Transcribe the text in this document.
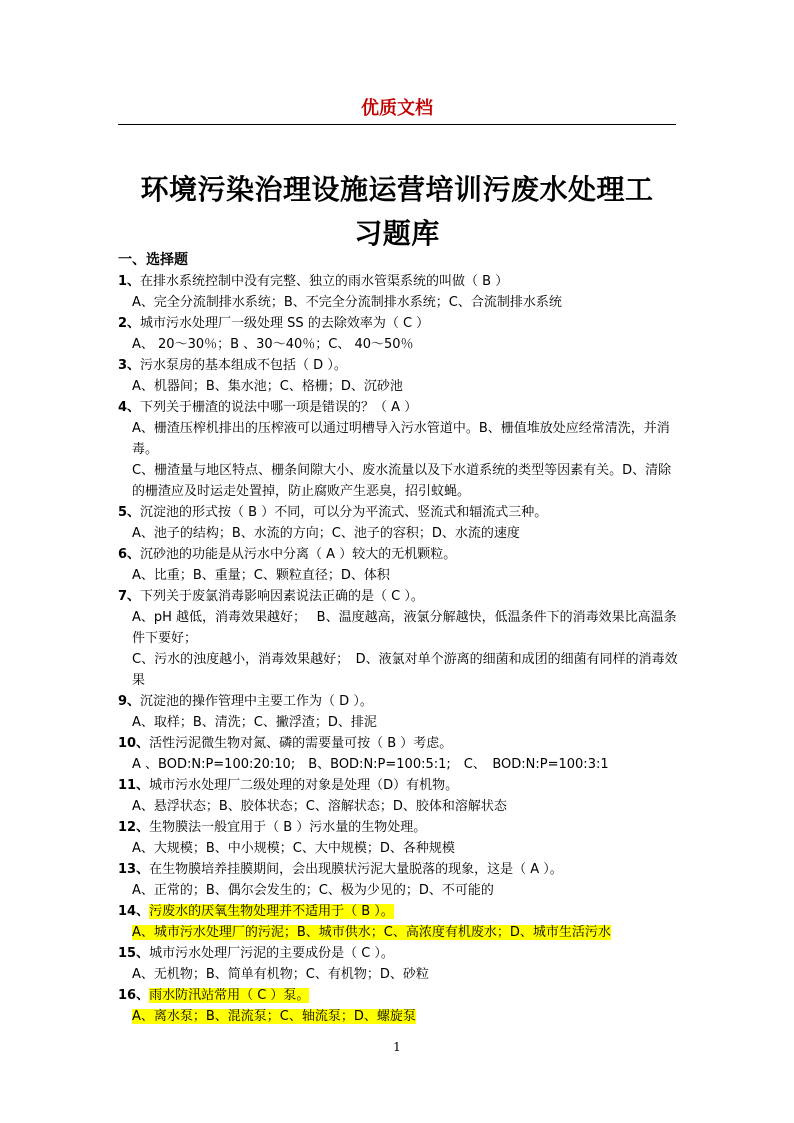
优质文档
环境污染治理设施运营培训污废水处理工
习题库
一、选择题
1、在排水系统控制中没有完整、独立的雨水管渠系统的叫做（ B ）
A、完全分流制排水系统；B、不完全分流制排水系统；C、合流制排水系统
2、城市污水处理厂一级处理 SS 的去除效率为（ C ）
A、 20～30％；B 、30～40％；C、 40～50％
3、污水泵房的基本组成不包括（ D ）。
A、机器间；B、集水池；C、格栅；D、沉砂池
4、下列关于栅渣的说法中哪一项是错误的？（ A ）
A、栅渣压榨机排出的压榨液可以通过明槽导入污水管道中。B、栅值堆放处应经常清洗，并消毒。
C、栅渣量与地区特点、栅条间隙大小、废水流量以及下水道系统的类型等因素有关。D、清除的栅渣应及时运走处置掉，防止腐败产生恶臭，招引蚊蝇。
5、沉淀池的形式按（ B ）不同，可以分为平流式、竖流式和辐流式三种。
A、池子的结构；B、水流的方向；C、池子的容积；D、水流的速度
6、沉砂池的功能是从污水中分离（ A ）较大的无机颗粒。
A、比重；B、重量；C、颗粒直径；D、体积
7、下列关于废氯消毒影响因素说法正确的是（ C ）。
A、pH 越低，消毒效果越好；　 B、温度越高，液氯分解越快，低温条件下的消毒效果比高温条件下要好；
C、污水的浊度越小，消毒效果越好；　D、液氯对单个游离的细菌和成团的细菌有同样的消毒效果
9、沉淀池的操作管理中主要工作为（ D ）。
A、取样；B、清洗；C、撇浮渣；D、排泥
10、活性污泥微生物对氮、磷的需要量可按（ B ）考虑。
A 、BOD:N:P=100:20:10;　B、BOD:N:P=100:5:1;　C、　BOD:N:P=100:3:1
11、城市污水处理厂二级处理的对象是处理（D）有机物。
A、悬浮状态；B、胶体状态；C、溶解状态；D、胶体和溶解状态
12、生物膜法一般宜用于（ B ）污水量的生物处理。
A、大规模；B、中小规模；C、大中规模；D、各种规模
13、在生物膜培养挂膜期间，会出现膜状污泥大量脱落的现象，这是（ A ）。
A、正常的；B、偶尔会发生的；C、极为少见的；D、不可能的
14、污废水的厌氧生物处理并不适用于（ B ）。
A、城市污水处理厂的污泥；B、城市供水；C、高浓度有机废水；D、城市生活污水
15、城市污水处理厂污泥的主要成份是（ C ）。
A、无机物；B、简单有机物；C、有机物；D、砂粒
16、雨水防汛站常用（ C ）泵。
A、离水泵；B、混流泵；C、轴流泵；D、螺旋泵
1
